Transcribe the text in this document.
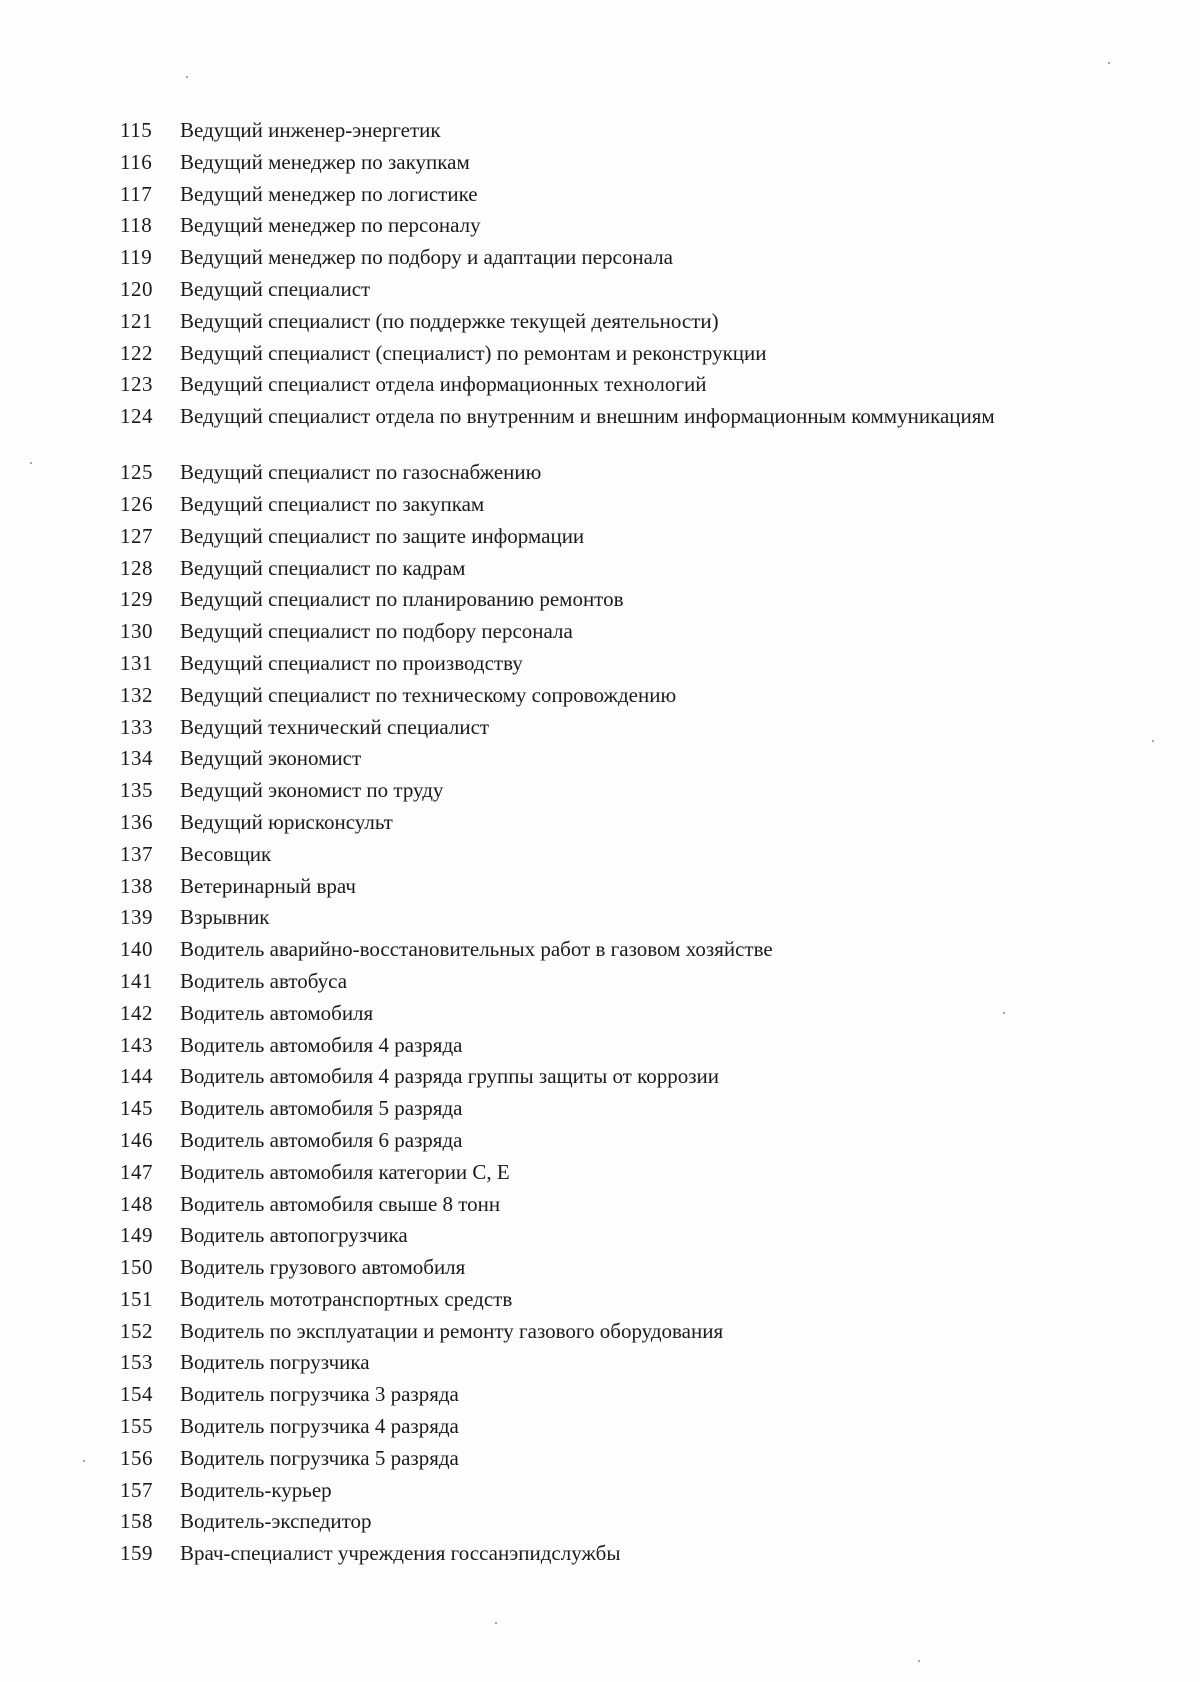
115	Ведущий инженер-энергетик
116	Ведущий менеджер по закупкам
117	Ведущий менеджер по логистике
118	Ведущий менеджер по персоналу
119	Ведущий менеджер по подбору и адаптации персонала
120	Ведущий специалист
121	Ведущий специалист (по поддержке текущей деятельности)
122	Ведущий специалист (специалист) по ремонтам и реконструкции
123	Ведущий специалист отдела информационных технологий
124	Ведущий специалист отдела по внутренним и внешним информационным коммуникациям
125	Ведущий специалист по газоснабжению
126	Ведущий специалист по закупкам
127	Ведущий специалист по защите информации
128	Ведущий специалист по кадрам
129	Ведущий специалист по планированию ремонтов
130	Ведущий специалист по подбору персонала
131	Ведущий специалист по производству
132	Ведущий специалист по техническому сопровождению
133	Ведущий технический специалист
134	Ведущий экономист
135	Ведущий экономист по труду
136	Ведущий юрисконсульт
137	Весовщик
138	Ветеринарный врач
139	Взрывник
140	Водитель аварийно-восстановительных работ в газовом хозяйстве
141	Водитель автобуса
142	Водитель автомобиля
143	Водитель автомобиля 4 разряда
144	Водитель автомобиля 4 разряда группы защиты от коррозии
145	Водитель автомобиля 5 разряда
146	Водитель автомобиля 6 разряда
147	Водитель автомобиля категории С, Е
148	Водитель автомобиля свыше 8 тонн
149	Водитель автопогрузчика
150	Водитель грузового автомобиля
151	Водитель мототранспортных средств
152	Водитель по эксплуатации и ремонту газового оборудования
153	Водитель погрузчика
154	Водитель погрузчика 3 разряда
155	Водитель погрузчика 4 разряда
156	Водитель погрузчика 5 разряда
157	Водитель-курьер
158	Водитель-экспедитор
159	Врач-специалист учреждения госсанэпидслужбы
